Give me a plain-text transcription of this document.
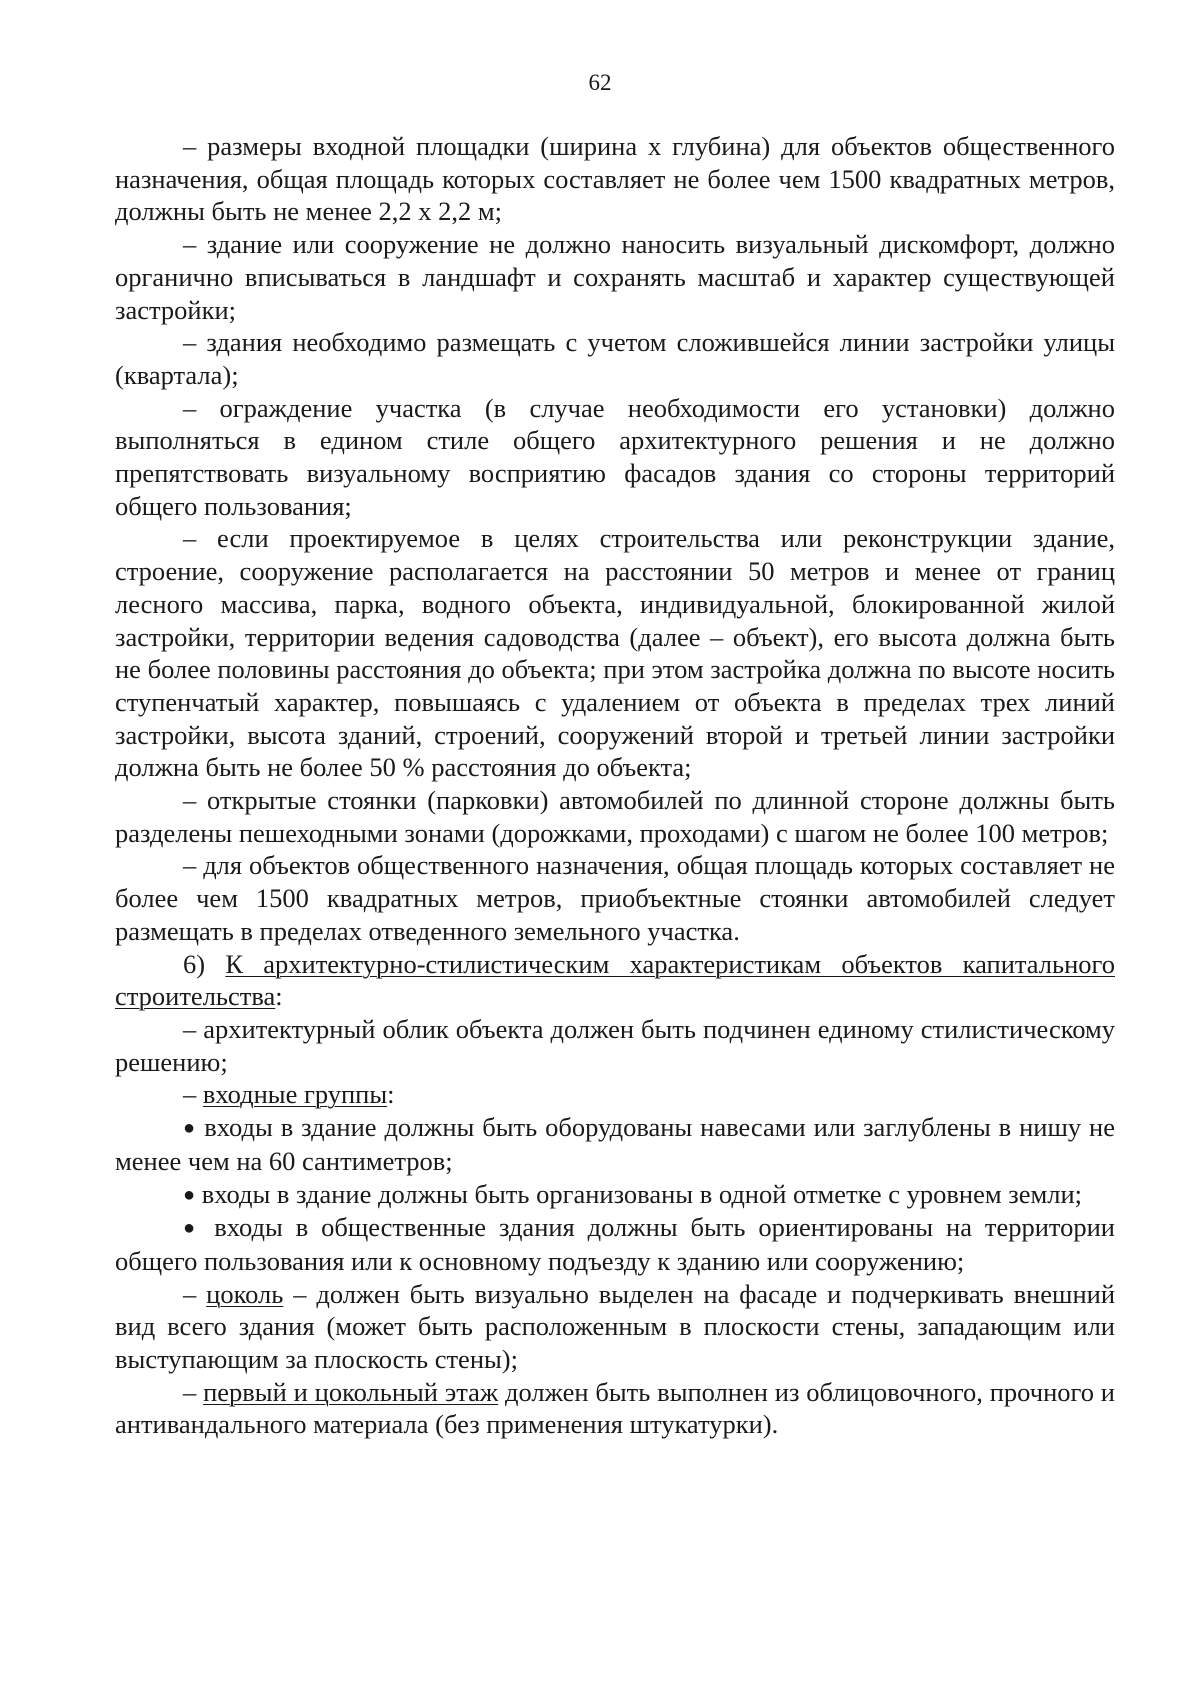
62

– размеры входной площадки (ширина х глубина) для объектов общественного назначения, общая площадь которых составляет не более чем 1500 квадратных метров, должны быть не менее 2,2 х 2,2 м;

– здание или сооружение не должно наносить визуальный дискомфорт, должно органично вписываться в ландшафт и сохранять масштаб и характер существующей застройки;

– здания необходимо размещать с учетом сложившейся линии застройки улицы (квартала);

– ограждение участка (в случае необходимости его установки) должно выполняться в едином стиле общего архитектурного решения и не должно препятствовать визуальному восприятию фасадов здания со стороны территорий общего пользования;

– если проектируемое в целях строительства или реконструкции здание, строение, сооружение располагается на расстоянии 50 метров и менее от границ лесного массива, парка, водного объекта, индивидуальной, блокированной жилой застройки, территории ведения садоводства (далее – объект), его высота должна быть не более половины расстояния до объекта; при этом застройка должна по высоте носить ступенчатый характер, повышаясь с удалением от объекта в пределах трех линий застройки, высота зданий, строений, сооружений второй и третьей линии застройки должна быть не более 50 % расстояния до объекта;

– открытые стоянки (парковки) автомобилей по длинной стороне должны быть разделены пешеходными зонами (дорожками, проходами) с шагом не более 100 метров;

– для объектов общественного назначения, общая площадь которых составляет не более чем 1500 квадратных метров, приобъектные стоянки автомобилей следует размещать в пределах отведенного земельного участка.

6) К архитектурно-стилистическим характеристикам объектов капитального строительства:

– архитектурный облик объекта должен быть подчинен единому стилистическому решению;

– входные группы:

● входы в здание должны быть оборудованы навесами или заглублены в нишу не менее чем на 60 сантиметров;

● входы в здание должны быть организованы в одной отметке с уровнем земли;

● входы в общественные здания должны быть ориентированы на территории общего пользования или к основному подъезду к зданию или сооружению;

– цоколь – должен быть визуально выделен на фасаде и подчеркивать внешний вид всего здания (может быть расположенным в плоскости стены, западающим или выступающим за плоскость стены);

– первый и цокольный этаж должен быть выполнен из облицовочного, прочного и антивандального материала (без применения штукатурки).
